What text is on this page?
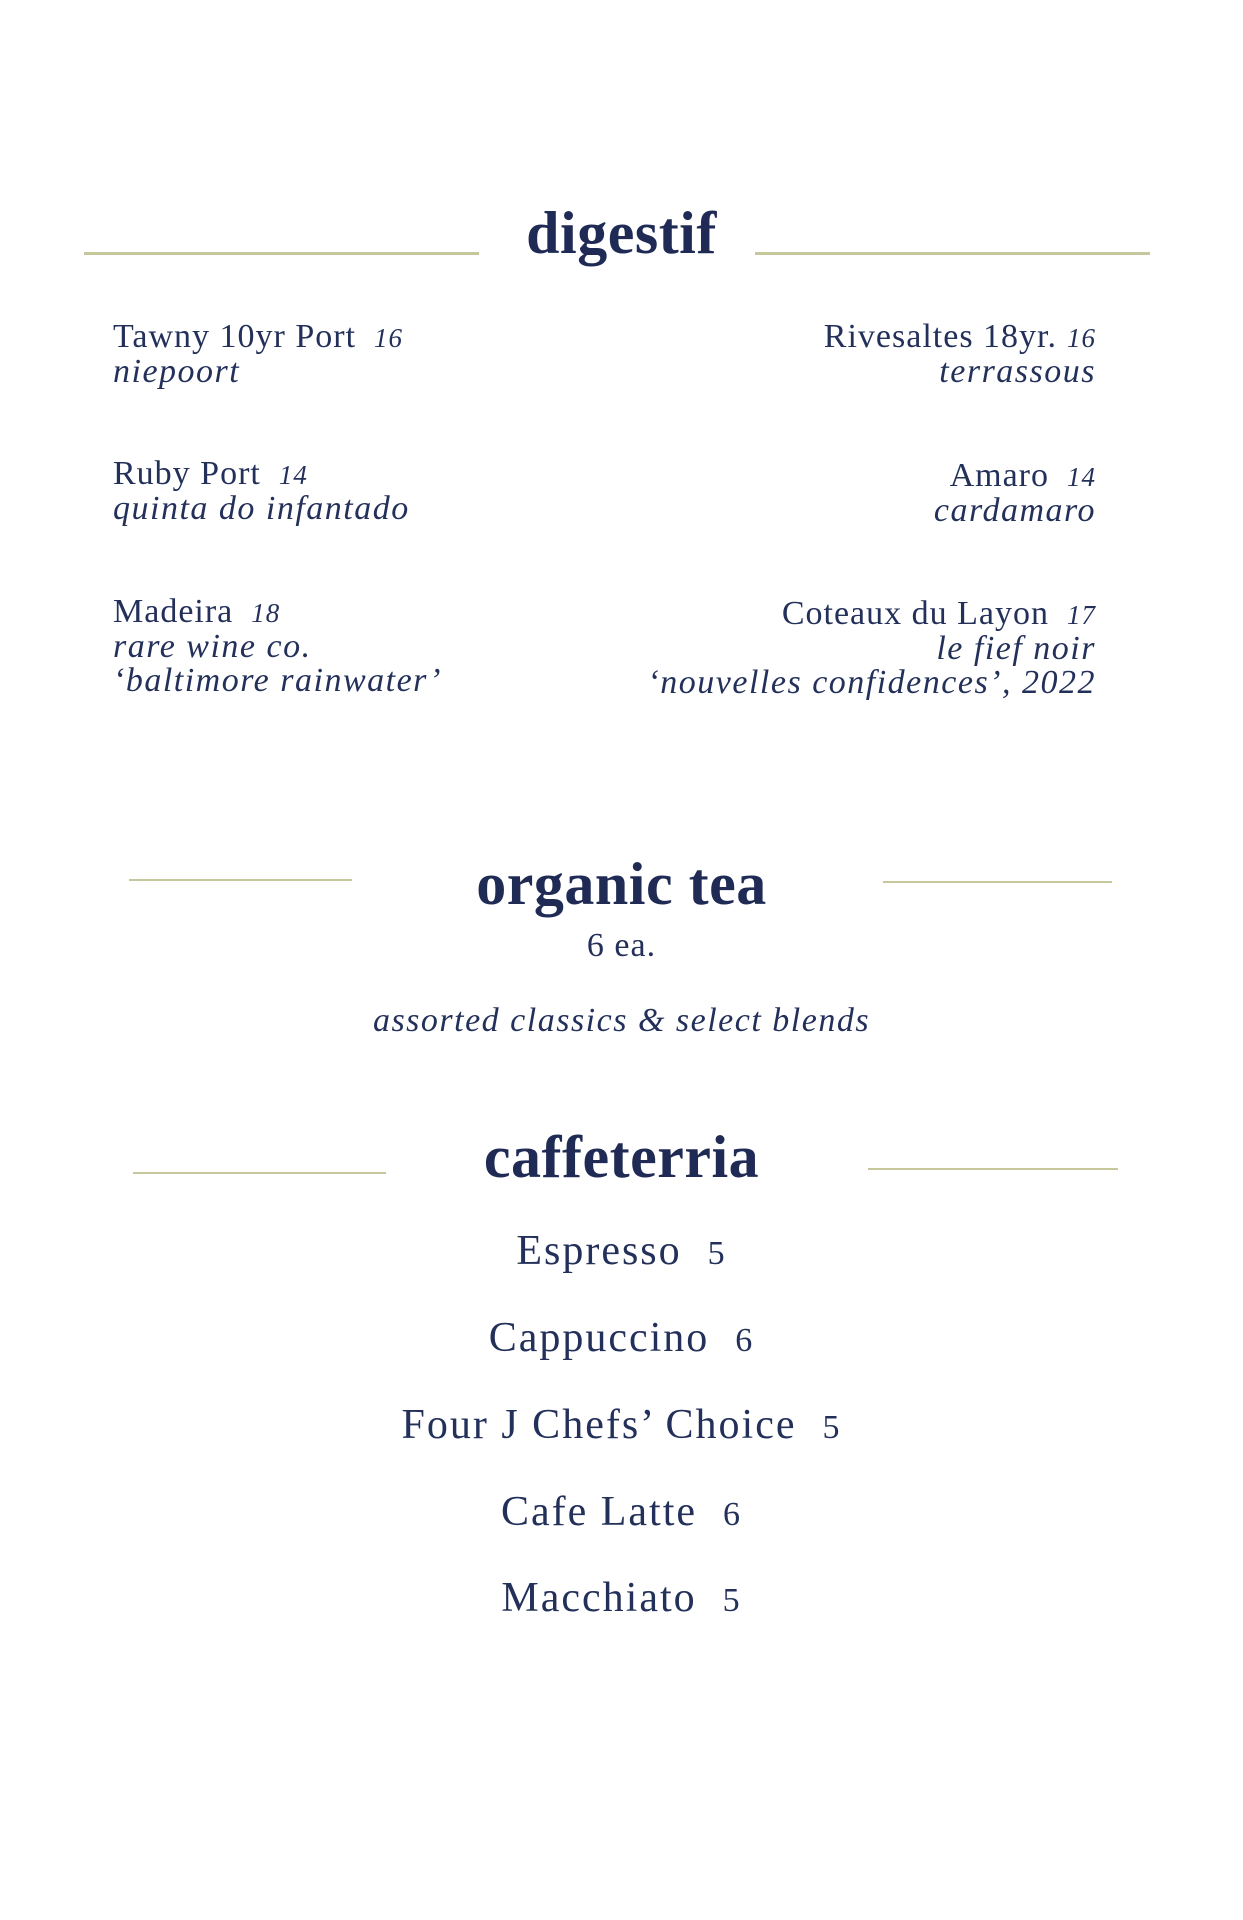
digestif
Tawny 10yr Port 16
niepoort
Rivesaltes 18yr. 16
terrassous
Ruby Port 14
quinta do infantado
Amaro 14
cardamaro
Madeira 18
rare wine co.
‘baltimore rainwater’
Coteaux du Layon 17
le fief noir
‘nouvelles confidences’, 2022
organic tea
6 ea.
assorted classics & select blends
caffeterria
Espresso 5
Cappuccino 6
Four J Chefs’ Choice 5
Cafe Latte 6
Macchiato 5
